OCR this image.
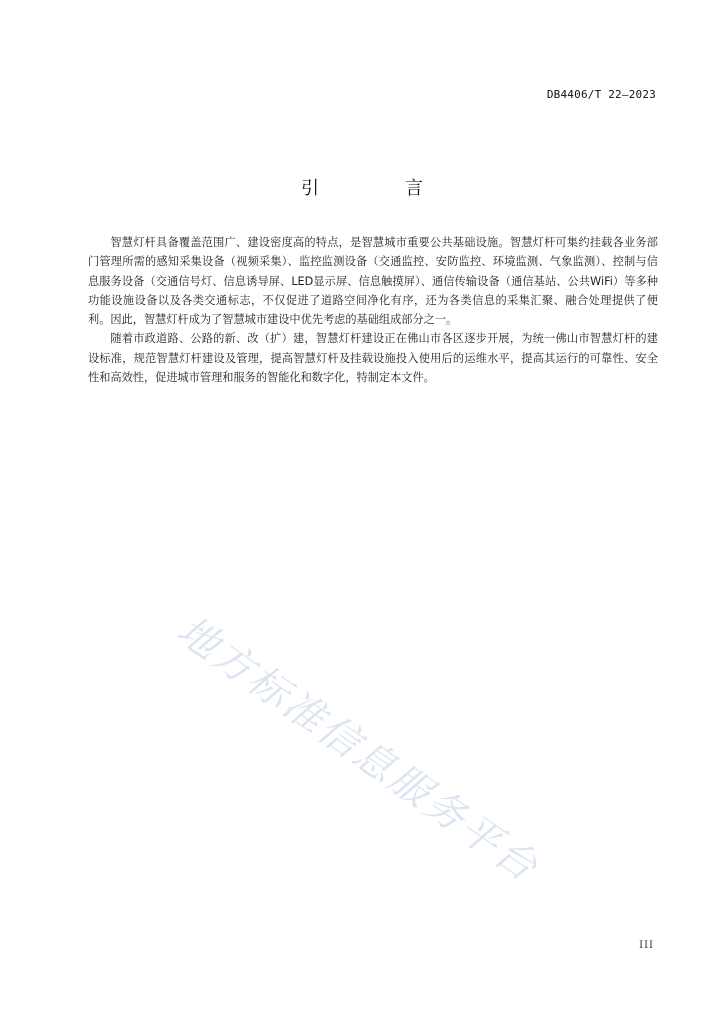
DB4406/T 22—2023
引　言

智慧灯杆具备覆盖范围广、建设密度高的特点，是智慧城市重要公共基础设施。智慧灯杆可集约挂载各业务部门管理所需的感知采集设备（视频采集）、监控监测设备（交通监控、安防监控、环境监测、气象监测）、控制与信息服务设备（交通信号灯、信息诱导屏、LED显示屏、信息触摸屏）、通信传输设备（通信基站、公共WiFi）等多种功能设施设备以及各类交通标志，不仅促进了道路空间净化有序，还为各类信息的采集汇聚、融合处理提供了便利。因此，智慧灯杆成为了智慧城市建设中优先考虑的基础组成部分之一。

随着市政道路、公路的新、改（扩）建，智慧灯杆建设正在佛山市各区逐步开展，为统一佛山市智慧灯杆的建设标准，规范智慧灯杆建设及管理，提高智慧灯杆及挂载设施投入使用后的运维水平，提高其运行的可靠性、安全性和高效性，促进城市管理和服务的智能化和数字化，特制定本文件。

地方标准信息服务平台
III
